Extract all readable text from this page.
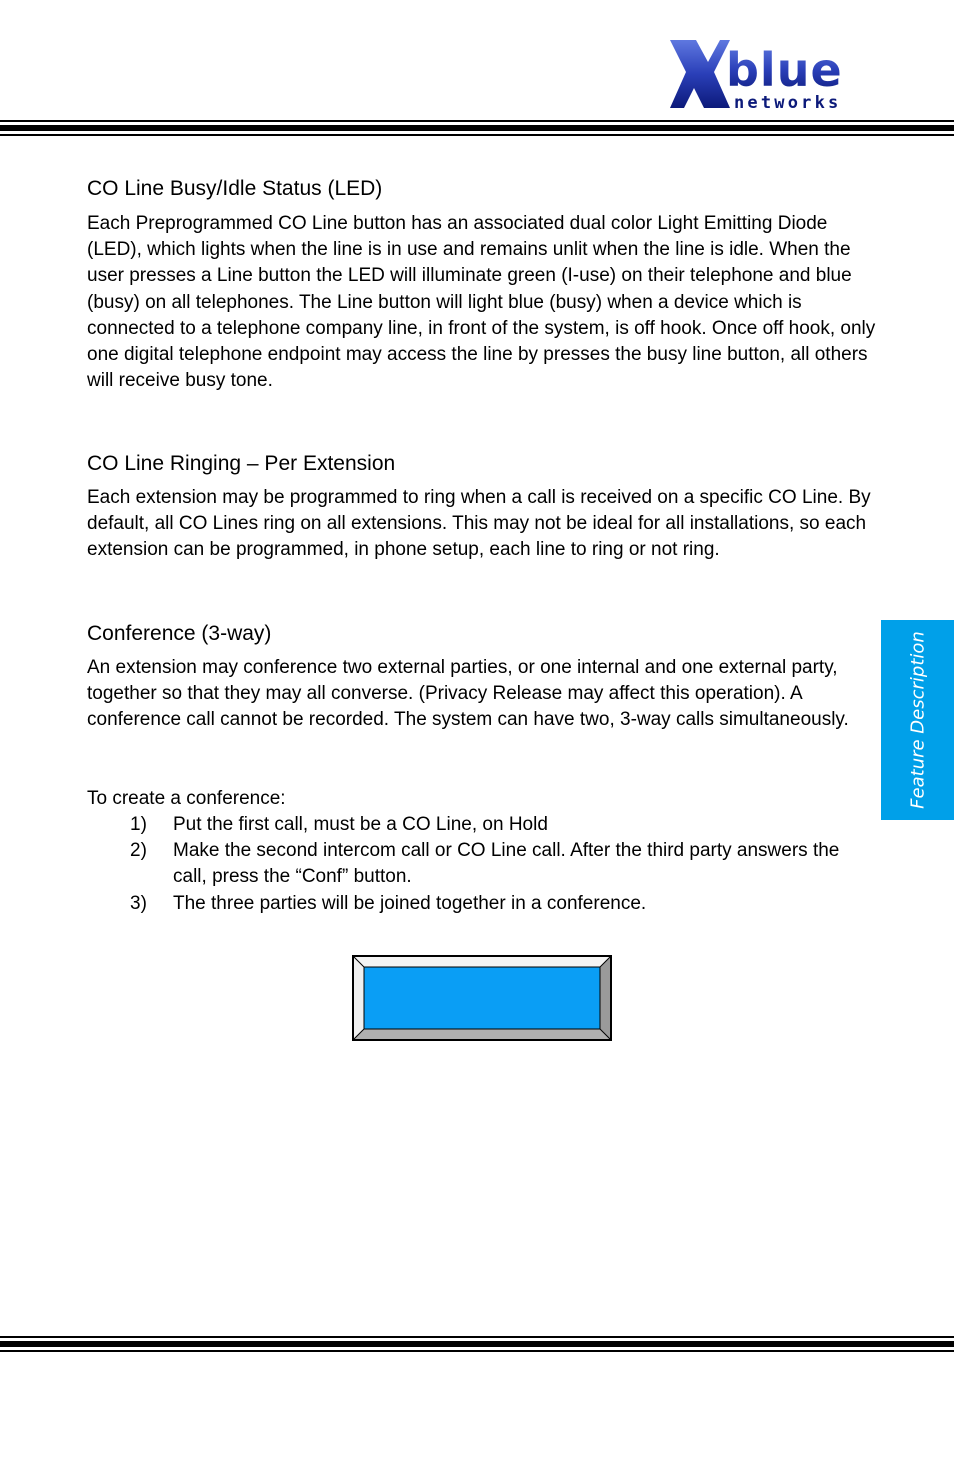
blue
networks
CO Line Busy/Idle Status (LED)

Each Preprogrammed CO Line button has an associated dual color Light Emitting Diode (LED), which lights when the line is in use and remains unlit when the line is idle. When the user presses a Line button the LED will illuminate green (I-use) on their telephone and blue (busy) on all telephones. The Line button will light blue (busy) when a device which is connected to a telephone company line, in front of the system, is off hook. Once off hook, only one digital telephone endpoint may access the line by presses the busy line button, all others will receive busy tone.

CO Line Ringing – Per Extension

Each extension may be programmed to ring when a call is received on a specific CO Line. By default, all CO Lines ring on all extensions. This may not be ideal for all installations, so each extension can be programmed, in phone setup, each line to ring or not ring.

Conference (3-way)

An extension may conference two external parties, or one internal and one external party, together so that they may all converse. (Privacy Release may affect this operation). A conference call cannot be recorded. The system can have two, 3-way calls simultaneously.

To create a conference:

1) Put the first call, must be a CO Line, on Hold
2) Make the second intercom call or CO Line call. After the third party answers the call, press the “Conf” button.
3) The three parties will be joined together in a conference.
Feature Description
